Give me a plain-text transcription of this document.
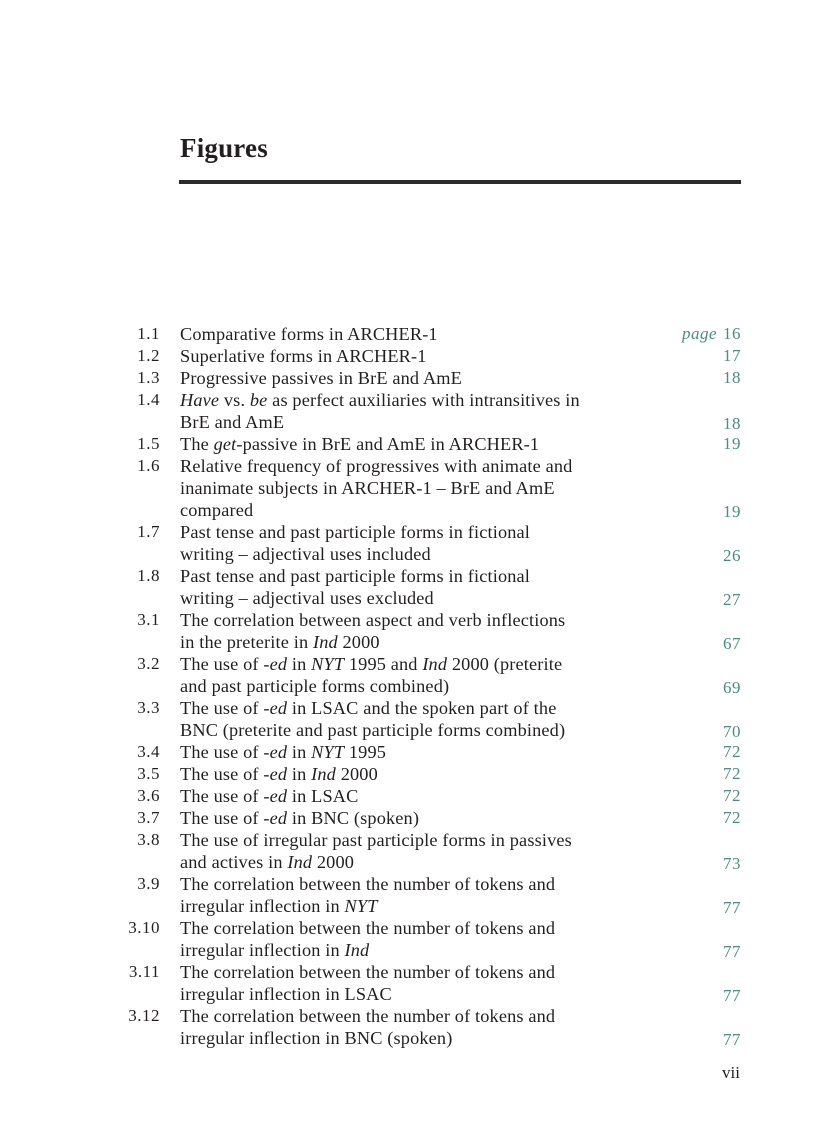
Figures
1.1 Comparative forms in ARCHER-1	page 16
1.2 Superlative forms in ARCHER-1	17
1.3 Progressive passives in BrE and AmE	18
1.4 Have vs. be as perfect auxiliaries with intransitives in
BrE and AmE	18
1.5 The get-passive in BrE and AmE in ARCHER-1	19
1.6 Relative frequency of progressives with animate and
inanimate subjects in ARCHER-1 – BrE and AmE
compared	19
1.7 Past tense and past participle forms in fictional
writing – adjectival uses included	26
1.8 Past tense and past participle forms in fictional
writing – adjectival uses excluded	27
3.1 The correlation between aspect and verb inflections
in the preterite in Ind 2000	67
3.2 The use of -ed in NYT 1995 and Ind 2000 (preterite
and past participle forms combined)	69
3.3 The use of -ed in LSAC and the spoken part of the
BNC (preterite and past participle forms combined)	70
3.4 The use of -ed in NYT 1995	72
3.5 The use of -ed in Ind 2000	72
3.6 The use of -ed in LSAC	72
3.7 The use of -ed in BNC (spoken)	72
3.8 The use of irregular past participle forms in passives
and actives in Ind 2000	73
3.9 The correlation between the number of tokens and
irregular inflection in NYT	77
3.10 The correlation between the number of tokens and
irregular inflection in Ind	77
3.11 The correlation between the number of tokens and
irregular inflection in LSAC	77
3.12 The correlation between the number of tokens and
irregular inflection in BNC (spoken)	77
vii
